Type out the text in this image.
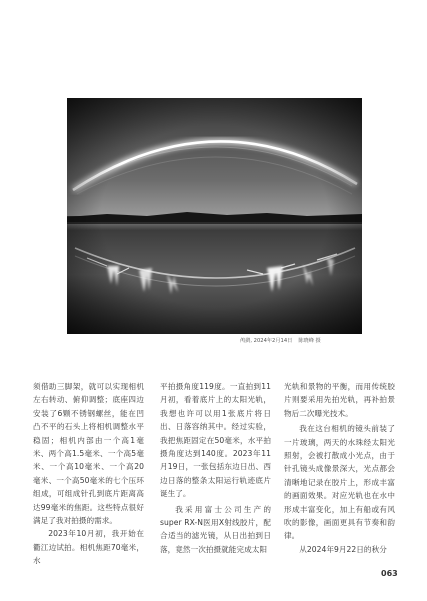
鸬鹚, 2024年2月14日 陈晓峰 摄

须借助三脚架，就可以实现相机左右转动、俯仰调整；底座四边安装了6颗不锈钢螺丝，能在凹凸不平的石头上将相机调整水平稳固；相机内部由一个高1毫米、两个高1.5毫米、一个高5毫米、一个高10毫米、一个高20毫米、一个高50毫米的七个压环组成，可组成针孔到底片距离高达99毫米的焦距。这些特点很好满足了我对拍摄的需求。

2023年10月初，我开始在衢江边试拍。相机焦距70毫米，水

平拍摄角度119度。一直拍到11月初，看着底片上的太阳光轨，我想也许可以用1张底片将日出、日落容纳其中。经过实验，我把焦距固定在50毫米，水平拍摄角度达到140度。2023年11月19日，一张包括东边日出、西边日落的整条太阳运行轨迹底片诞生了。

我采用富士公司生产的super RX-N医用X射线胶片，配合适当的滤光镜，从日出拍到日落，竟然一次拍摄就能完成太阳

光轨和景物的平衡，而用传统胶片则要采用先拍光轨，再补拍景物后二次曝光技术。

我在这台相机的镜头前装了一片玻璃，两天的水珠经太阳光照射，会被打散成小光点，由于针孔镜头成像景深大，光点都会清晰地记录在胶片上，形成丰富的画面效果。对应光轨也在水中形成丰富变化，加上有船或有风吹的影像，画面更具有节奏和韵律。

从2024年9月22日的秋分

063
